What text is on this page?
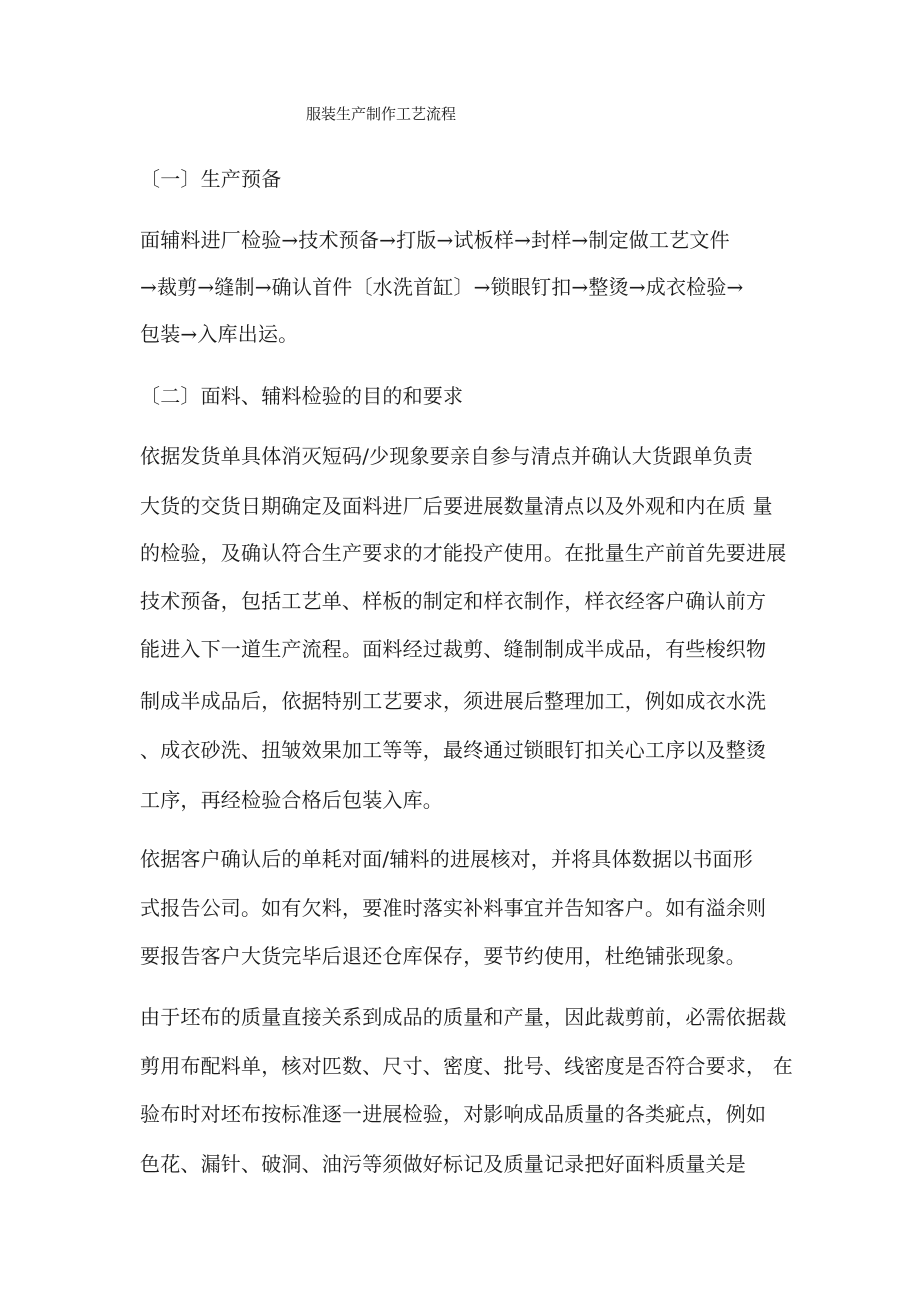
服装生产制作工艺流程
〔一〕生产预备
面辅料进厂检验→技术预备→打版→试板样→封样→制定做工艺文件
→裁剪→缝制→确认首件〔水洗首缸〕→锁眼钉扣→整烫→成衣检验→
包装→入库出运。
〔二〕面料、辅料检验的目的和要求
依据发货单具体消灭短码/少现象要亲自参与清点并确认大货跟单负责
大货的交货日期确定及面料进厂后要进展数量清点以及外观和内在质 量
的检验，及确认符合生产要求的才能投产使用。在批量生产前首先要进展
技术预备，包括工艺单、样板的制定和样衣制作，样衣经客户确认前方
能进入下一道生产流程。面料经过裁剪、缝制制成半成品，有些梭织物
制成半成品后，依据特别工艺要求，须进展后整理加工，例如成衣水洗
、成衣砂洗、扭皱效果加工等等，最终通过锁眼钉扣关心工序以及整烫
工序，再经检验合格后包装入库。
依据客户确认后的单耗对面/辅料的进展核对，并将具体数据以书面形
式报告公司。如有欠料，要准时落实补料事宜并告知客户。如有溢余则
要报告客户大货完毕后退还仓库保存，要节约使用，杜绝铺张现象。
由于坯布的质量直接关系到成品的质量和产量，因此裁剪前，必需依据裁
剪用布配料单，核对匹数、尺寸、密度、批号、线密度是否符合要求， 在
验布时对坯布按标准逐一进展检验，对影响成品质量的各类疵点，例如
色花、漏针、破洞、油污等须做好标记及质量记录把好面料质量关是
